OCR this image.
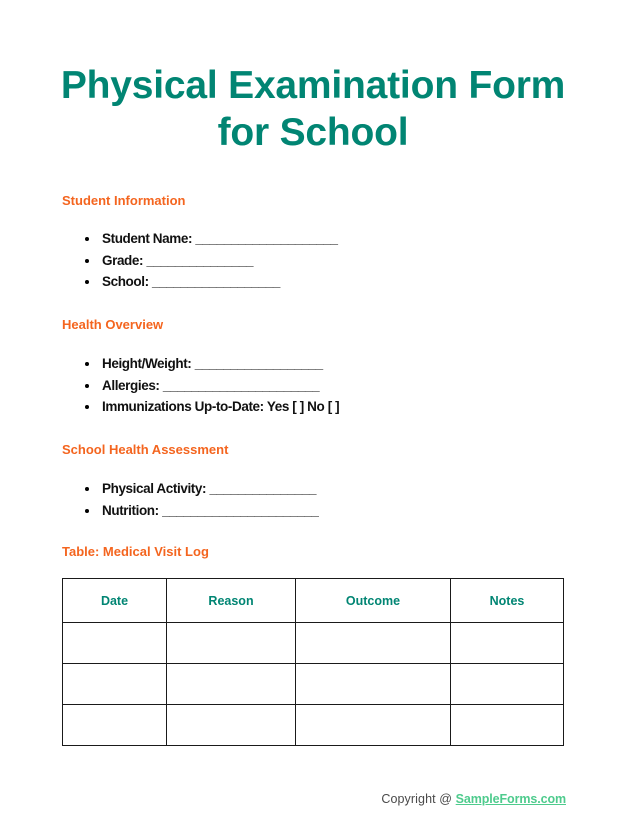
Physical Examination Form for School
Student Information
Student Name: ____________________
Grade: _______________
School: __________________
Health Overview
Height/Weight: __________________
Allergies: ______________________
Immunizations Up-to-Date: Yes [ ] No [ ]
School Health Assessment
Physical Activity: _______________
Nutrition: ______________________
Table: Medical Visit Log
Date	Reason	Outcome	Notes

Copyright @ SampleForms.com
